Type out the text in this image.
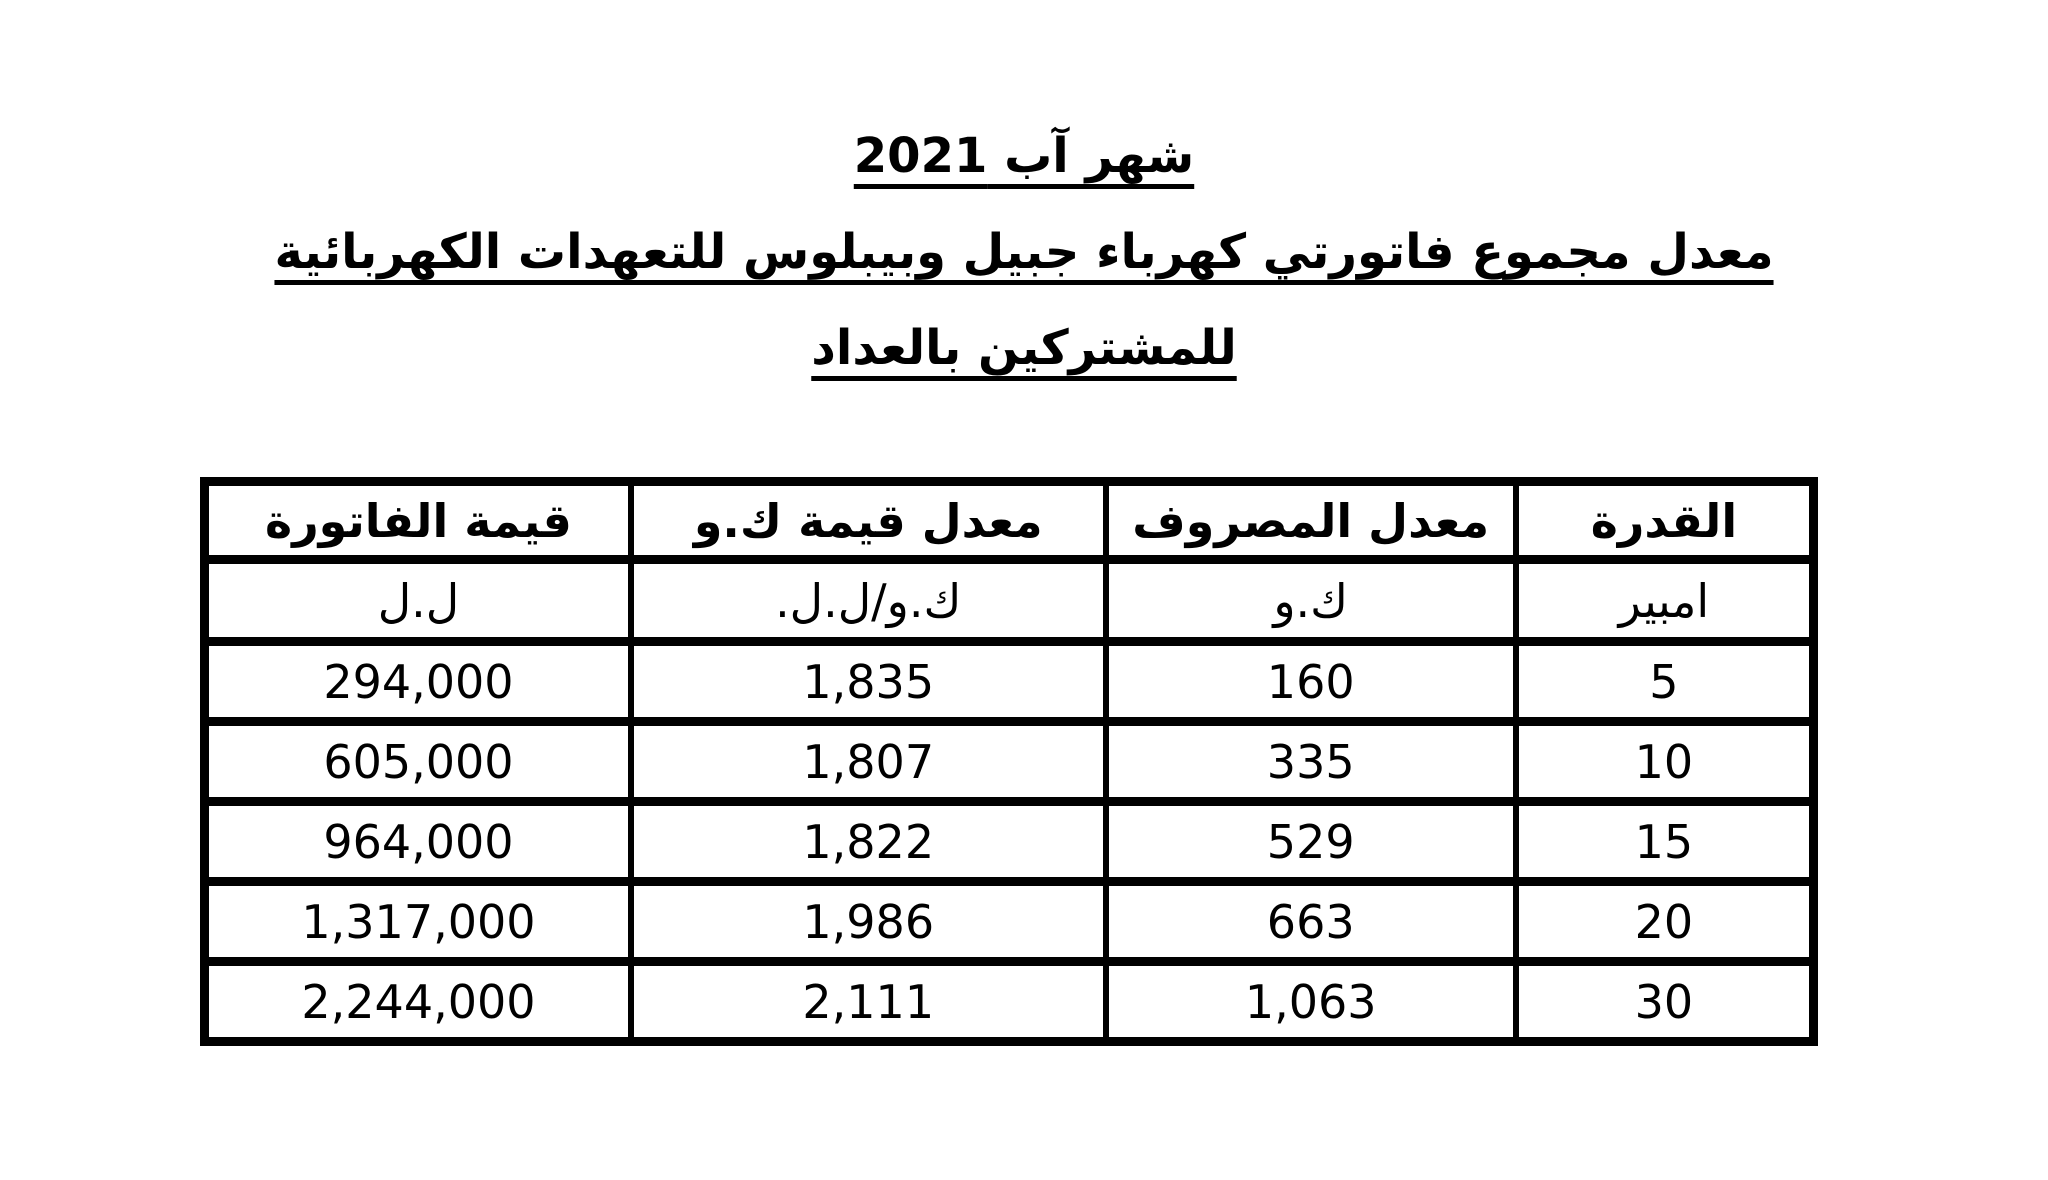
شهر آب 2021
معدل مجموع فاتورتي كهرباء جبيل وبيبلوس للتعهدات الكهربائية
للمشتركين بالعداد
القدرة	معدل المصروف	معدل قيمة ك.و	قيمة الفاتورة
امبير	ك.و	ك.و/ل.ل.	ل.ل
5	160	1,835	294,000
10	335	1,807	605,000
15	529	1,822	964,000
20	663	1,986	1,317,000
30	1,063	2,111	2,244,000
